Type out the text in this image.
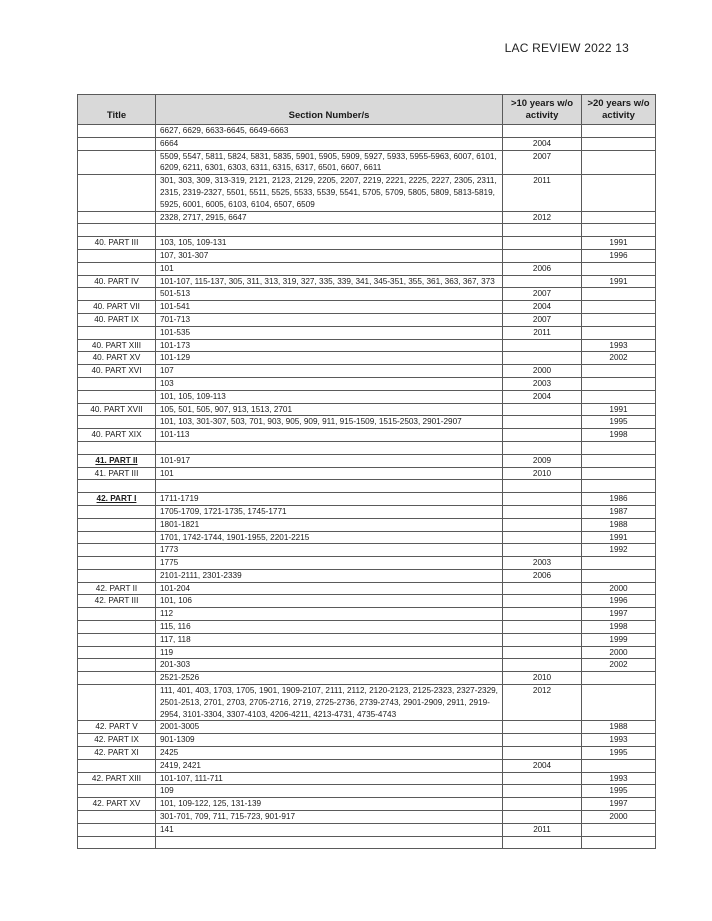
LAC REVIEW 2022 13
Title	Section Number/s	>10 years w/o activity	>20 years w/o activity
	6627, 6629, 6633-6645, 6649-6663		
	6664	2004	
	5509, 5547, 5811, 5824, 5831, 5835, 5901, 5905, 5909, 5927, 5933, 5955-5963, 6007, 6101, 6209, 6211, 6301, 6303, 6311, 6315, 6317, 6501, 6607, 6611	2007	
	301, 303, 309, 313-319, 2121, 2123, 2129, 2205, 2207, 2219, 2221, 2225, 2227, 2305, 2311, 2315, 2319-2327, 5501, 5511, 5525, 5533, 5539, 5541, 5705, 5709, 5805, 5809, 5813-5819, 5925, 6001, 6005, 6103, 6104, 6507, 6509	2011	
	2328, 2717, 2915, 6647	2012	

40. PART III	103, 105, 109-131		1991
	107, 301-307		1996
	101	2006	
40. PART IV	101-107, 115-137, 305, 311, 313, 319, 327, 335, 339, 341, 345-351, 355, 361, 363, 367, 373		1991
	501-513	2007	
40. PART VII	101-541	2004	
40. PART IX	701-713	2007	
	101-535	2011	
40. PART XIII	101-173		1993
40. PART XV	101-129		2002
40. PART XVI	107	2000	
	103	2003	
	101, 105, 109-113	2004	
40. PART XVII	105, 501, 505, 907, 913, 1513, 2701		1991
	101, 103, 301-307, 503, 701, 903, 905, 909, 911, 915-1509, 1515-2503, 2901-2907		1995
40. PART XIX	101-113		1998

41. PART II	101-917	2009	
41. PART III	101	2010	

42. PART I	1711-1719		1986
	1705-1709, 1721-1735, 1745-1771		1987
	1801-1821		1988
	1701, 1742-1744, 1901-1955, 2201-2215		1991
	1773		1992
	1775	2003	
	2101-2111, 2301-2339	2006	
42. PART II	101-204		2000
42. PART III	101, 106		1996
	112		1997
	115, 116		1998
	117, 118		1999
	119		2000
	201-303		2002
	2521-2526	2010	
	111, 401, 403, 1703, 1705, 1901, 1909-2107, 2111, 2112, 2120-2123, 2125-2323, 2327-2329, 2501-2513, 2701, 2703, 2705-2716, 2719, 2725-2736, 2739-2743, 2901-2909, 2911, 2919-2954, 3101-3304, 3307-4103, 4206-4211, 4213-4731, 4735-4743	2012	
42. PART V	2001-3005		1988
42. PART IX	901-1309		1993
42. PART XI	2425		1995
	2419, 2421	2004	
42. PART XIII	101-107, 111-711		1993
	109		1995
42. PART XV	101, 109-122, 125, 131-139		1997
	301-701, 709, 711, 715-723, 901-917		2000
	141	2011	
